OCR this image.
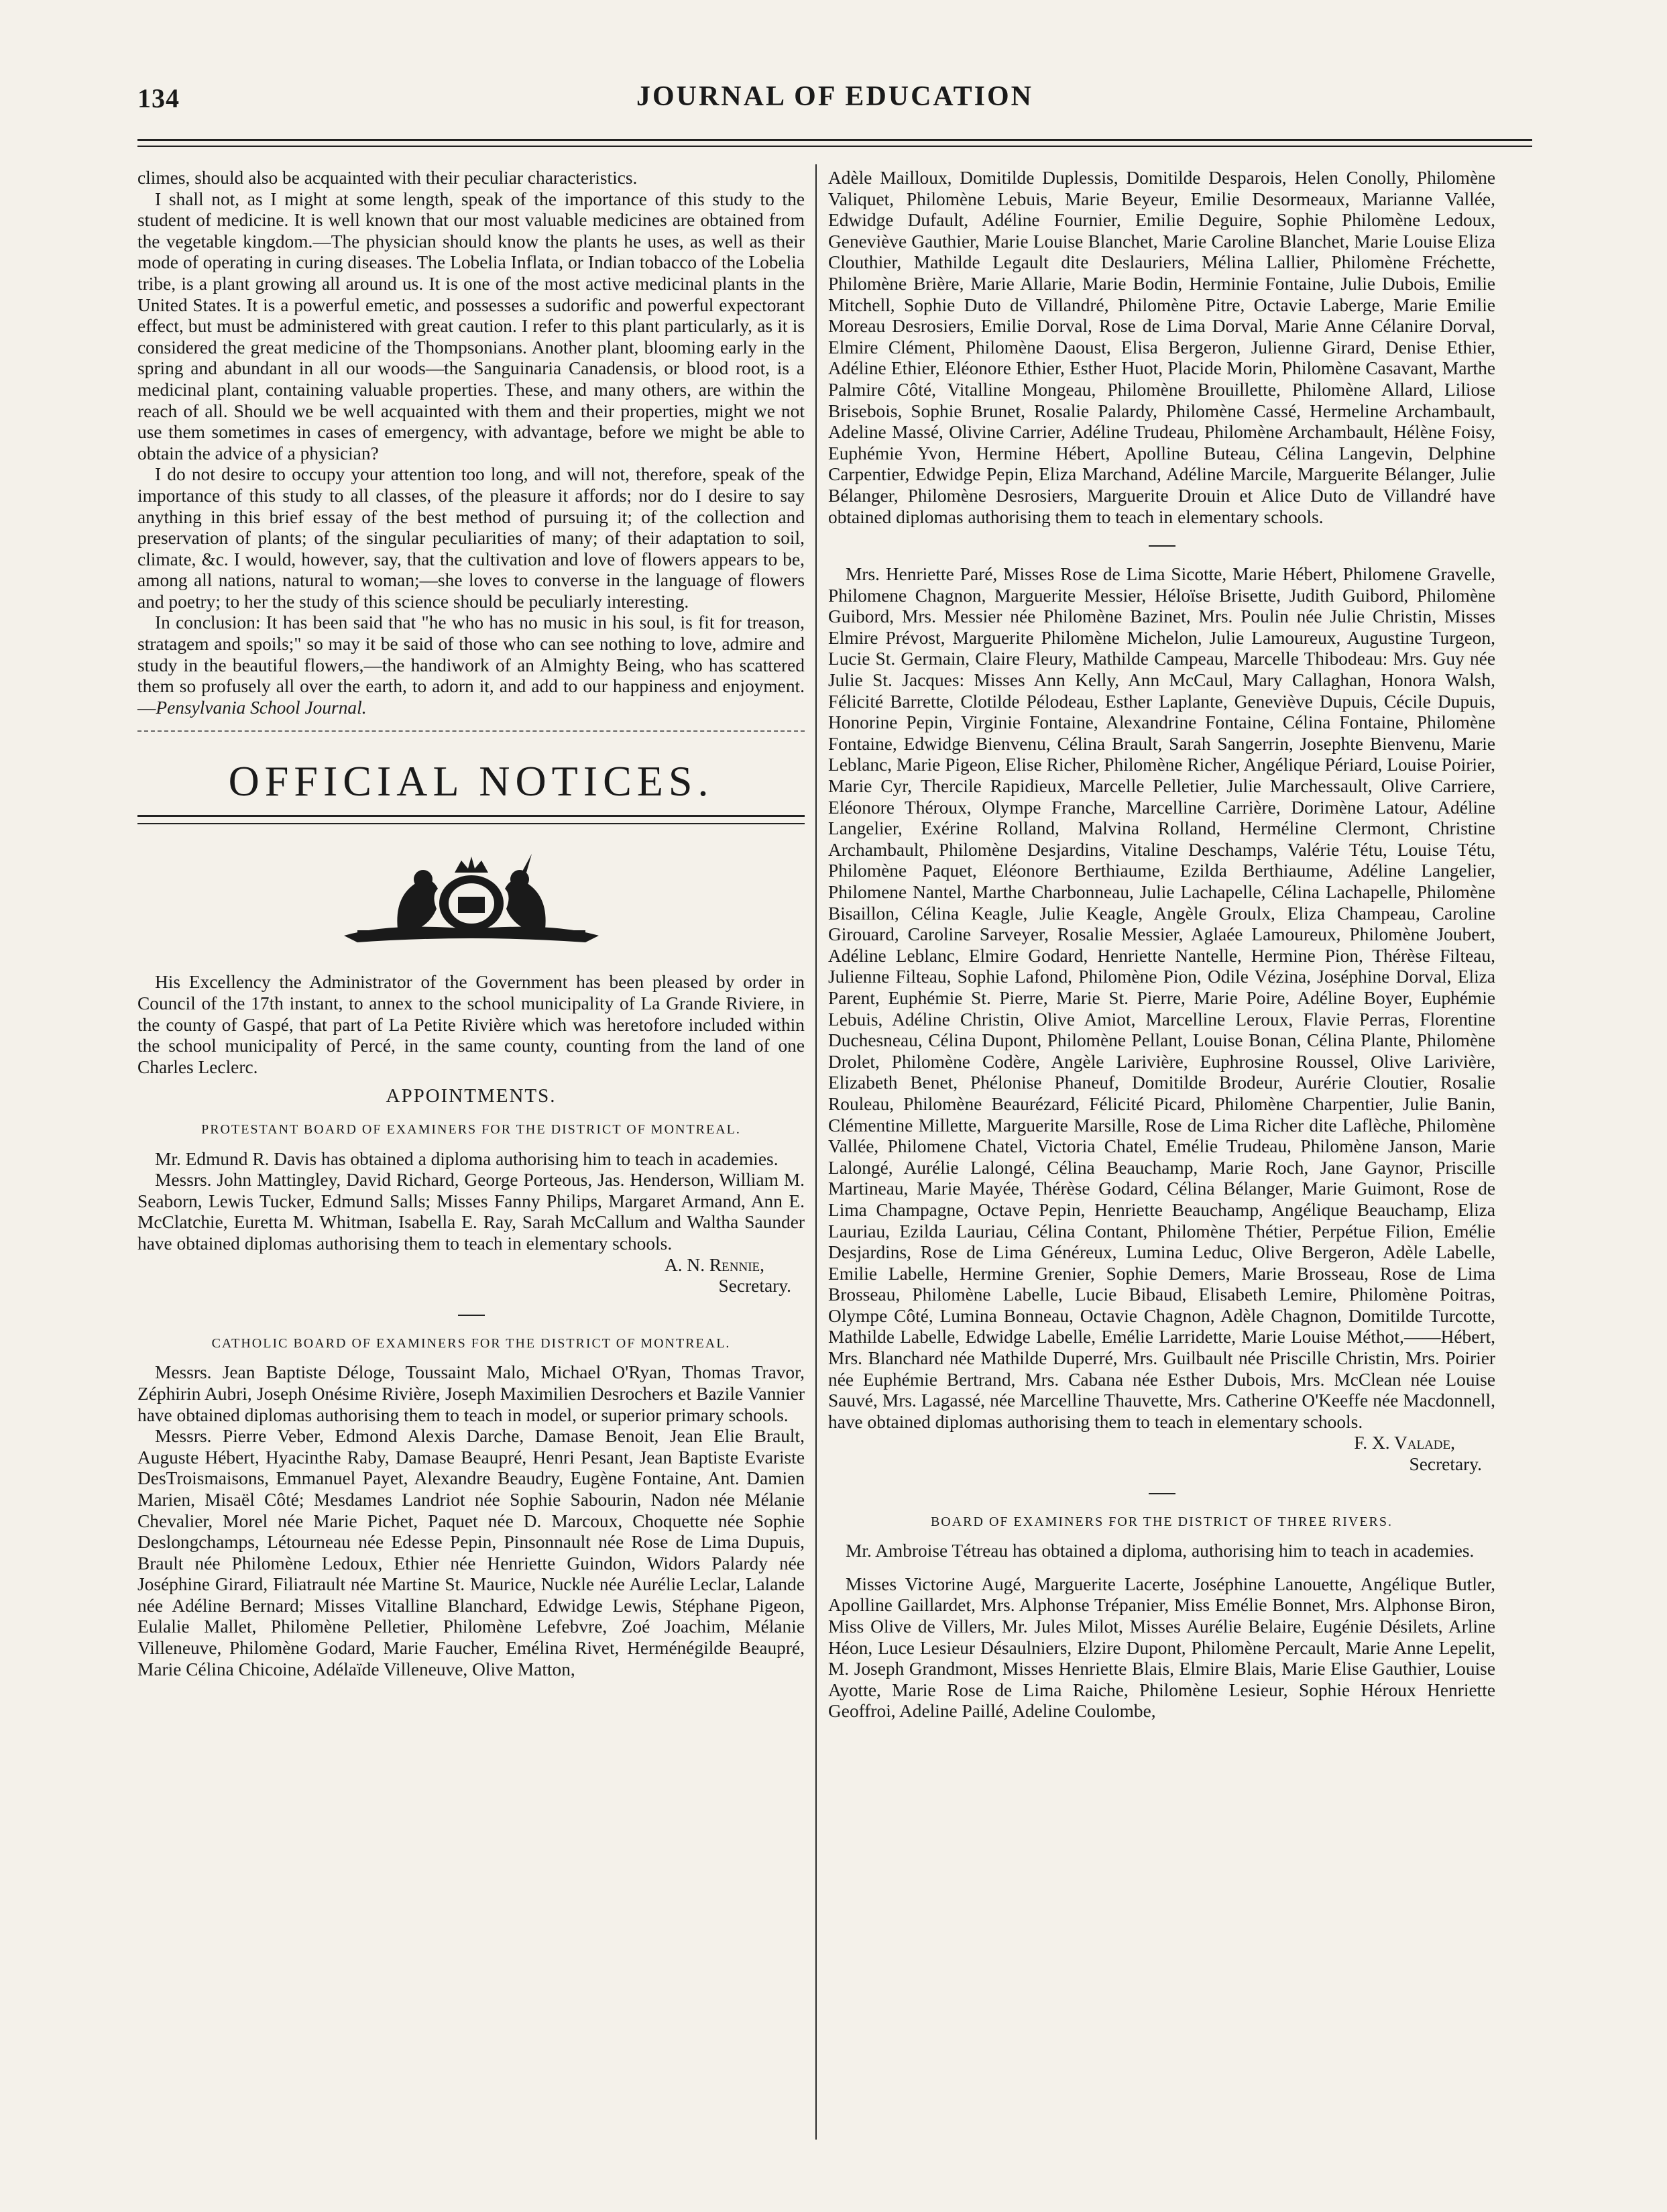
134	JOURNAL OF EDUCATION

climes, should also be acquainted with their peculiar characteristics.

I shall not, as I might at some length, speak of the importance of this study to the student of medicine. It is well known that our most valuable medicines are obtained from the vegetable kingdom.—The physician should know the plants he uses, as well as their mode of operating in curing diseases. The Lobelia Inflata, or Indian tobacco of the Lobelia tribe, is a plant growing all around us. It is one of the most active medicinal plants in the United States. It is a powerful emetic, and possesses a sudorific and powerful expectorant effect, but must be administered with great caution. I refer to this plant particularly, as it is considered the great medicine of the Thompsonians. Another plant, blooming early in the spring and abundant in all our woods—the Sanguinaria Canadensis, or blood root, is a medicinal plant, containing valuable properties. These, and many others, are within the reach of all. Should we be well acquainted with them and their properties, might we not use them sometimes in cases of emergency, with advantage, before we might be able to obtain the advice of a physician?

I do not desire to occupy your attention too long, and will not, therefore, speak of the importance of this study to all classes, of the pleasure it affords; nor do I desire to say anything in this brief essay of the best method of pursuing it; of the collection and preservation of plants; of the singular peculiarities of many; of their adaptation to soil, climate, &c. I would, however, say, that the cultivation and love of flowers appears to be, among all nations, natural to woman;—she loves to converse in the language of flowers and poetry; to her the study of this science should be peculiarly interesting.

In conclusion: It has been said that "he who has no music in his soul, is fit for treason, stratagem and spoils;" so may it be said of those who can see nothing to love, admire and study in the beautiful flowers,—the handiwork of an Almighty Being, who has scattered them so profusely all over the earth, to adorn it, and add to our happiness and enjoyment.—Pensylvania School Journal.

OFFICIAL NOTICES.

His Excellency the Administrator of the Government has been pleased by order in Council of the 17th instant, to annex to the school municipality of La Grande Riviere, in the county of Gaspé, that part of La Petite Rivière which was heretofore included within the school municipality of Percé, in the same county, counting from the land of one Charles Leclerc.

APPOINTMENTS.
PROTESTANT BOARD OF EXAMINERS FOR THE DISTRICT OF MONTREAL.

Mr. Edmund R. Davis has obtained a diploma authorising him to teach in academies.

Messrs. John Mattingley, David Richard, George Porteous, Jas. Henderson, William M. Seaborn, Lewis Tucker, Edmund Salls; Misses Fanny Philips, Margaret Armand, Ann E. McClatchie, Euretta M. Whitman, Isabella E. Ray, Sarah McCallum and Waltha Saunder have obtained diplomas authorising them to teach in elementary schools.

A. N. Rennie,

Secretary.

CATHOLIC BOARD OF EXAMINERS FOR THE DISTRICT OF MONTREAL.

Messrs. Jean Baptiste Déloge, Toussaint Malo, Michael O'Ryan, Thomas Travor, Zéphirin Aubri, Joseph Onésime Rivière, Joseph Maximilien Desrochers et Bazile Vannier have obtained diplomas authorising them to teach in model, or superior primary schools.

Messrs. Pierre Veber, Edmond Alexis Darche, Damase Benoit, Jean Elie Brault, Auguste Hébert, Hyacinthe Raby, Damase Beaupré, Henri Pesant, Jean Baptiste Evariste DesTroismaisons, Emmanuel Payet, Alexandre Beaudry, Eugène Fontaine, Ant. Damien Marien, Misaël Côté; Mesdames Landriot née Sophie Sabourin, Nadon née Mélanie Chevalier, Morel née Marie Pichet, Paquet née D. Marcoux, Choquette née Sophie Deslongchamps, Létourneau née Edesse Pepin, Pinsonnault née Rose de Lima Dupuis, Brault née Philomène Ledoux, Ethier née Henriette Guindon, Widors Palardy née Joséphine Girard, Filiatrault née Martine St. Maurice, Nuckle née Aurélie Leclar, Lalande née Adéline Bernard; Misses Vitalline Blanchard, Edwidge Lewis, Stéphane Pigeon, Eulalie Mallet, Philomène Pelletier, Philomène Lefebvre, Zoé Joachim, Mélanie Villeneuve, Philomène Godard, Marie Faucher, Emélina Rivet, Herménégilde Beaupré, Marie Célina Chicoine, Adélaïde Villeneuve, Olive Matton,

Adèle Mailloux, Domitilde Duplessis, Domitilde Desparois, Helen Conolly, Philomène Valiquet, Philomène Lebuis, Marie Beyeur, Emilie Desormeaux, Marianne Vallée, Edwidge Dufault, Adéline Fournier, Emilie Deguire, Sophie Philomène Ledoux, Geneviève Gauthier, Marie Louise Blanchet, Marie Caroline Blanchet, Marie Louise Eliza Clouthier, Mathilde Legault dite Deslauriers, Mélina Lallier, Philomène Fréchette, Philomène Brière, Marie Allarie, Marie Bodin, Herminie Fontaine, Julie Dubois, Emilie Mitchell, Sophie Duto de Villandré, Philomène Pitre, Octavie Laberge, Marie Emilie Moreau Desrosiers, Emilie Dorval, Rose de Lima Dorval, Marie Anne Célanire Dorval, Elmire Clément, Philomène Daoust, Elisa Bergeron, Julienne Girard, Denise Ethier, Adéline Ethier, Eléonore Ethier, Esther Huot, Placide Morin, Philomène Casavant, Marthe Palmire Côté, Vitalline Mongeau, Philomène Brouillette, Philomène Allard, Liliose Brisebois, Sophie Brunet, Rosalie Palardy, Philomène Cassé, Hermeline Archambault, Adeline Massé, Olivine Carrier, Adéline Trudeau, Philomène Archambault, Hélène Foisy, Euphémie Yvon, Hermine Hébert, Apolline Buteau, Célina Langevin, Delphine Carpentier, Edwidge Pepin, Eliza Marchand, Adéline Marcile, Marguerite Bélanger, Julie Bélanger, Philomène Desrosiers, Marguerite Drouin et Alice Duto de Villandré have obtained diplomas authorising them to teach in elementary schools.

Mrs. Henriette Paré, Misses Rose de Lima Sicotte, Marie Hébert, Philomene Gravelle, Philomene Chagnon, Marguerite Messier, Héloïse Brisette, Judith Guibord, Philomène Guibord, Mrs. Messier née Philomène Bazinet, Mrs. Poulin née Julie Christin, Misses Elmire Prévost, Marguerite Philomène Michelon, Julie Lamoureux, Augustine Turgeon, Lucie St. Germain, Claire Fleury, Mathilde Campeau, Marcelle Thibodeau: Mrs. Guy née Julie St. Jacques: Misses Ann Kelly, Ann McCaul, Mary Callaghan, Honora Walsh, Félicité Barrette, Clotilde Pélodeau, Esther Laplante, Geneviève Dupuis, Cécile Dupuis, Honorine Pepin, Virginie Fontaine, Alexandrine Fontaine, Célina Fontaine, Philomène Fontaine, Edwidge Bienvenu, Célina Brault, Sarah Sangerrin, Josephte Bienvenu, Marie Leblanc, Marie Pigeon, Elise Richer, Philomène Richer, Angélique Périard, Louise Poirier, Marie Cyr, Thercile Rapidieux, Marcelle Pelletier, Julie Marchessault, Olive Carriere, Eléonore Théroux, Olympe Franche, Marcelline Carrière, Dorimène Latour, Adéline Langelier, Exérine Rolland, Malvina Rolland, Herméline Clermont, Christine Archambault, Philomène Desjardins, Vitaline Deschamps, Valérie Tétu, Louise Tétu, Philomène Paquet, Eléonore Berthiaume, Ezilda Berthiaume, Adéline Langelier, Philomene Nantel, Marthe Charbonneau, Julie Lachapelle, Célina Lachapelle, Philomène Bisaillon, Célina Keagle, Julie Keagle, Angèle Groulx, Eliza Champeau, Caroline Girouard, Caroline Sarveyer, Rosalie Messier, Aglaée Lamoureux, Philomène Joubert, Adéline Leblanc, Elmire Godard, Henriette Nantelle, Hermine Pion, Thérèse Filteau, Julienne Filteau, Sophie Lafond, Philomène Pion, Odile Vézina, Joséphine Dorval, Eliza Parent, Euphémie St. Pierre, Marie St. Pierre, Marie Poire, Adéline Boyer, Euphémie Lebuis, Adéline Christin, Olive Amiot, Marcelline Leroux, Flavie Perras, Florentine Duchesneau, Célina Dupont, Philomène Pellant, Louise Bonan, Célina Plante, Philomène Drolet, Philomène Codère, Angèle Larivière, Euphrosine Roussel, Olive Larivière, Elizabeth Benet, Phélonise Phaneuf, Domitilde Brodeur, Aurérie Cloutier, Rosalie Rouleau, Philomène Beaurézard, Félicité Picard, Philomène Charpentier, Julie Banin, Clémentine Millette, Marguerite Marsille, Rose de Lima Richer dite Laflèche, Philomène Vallée, Philomene Chatel, Victoria Chatel, Emélie Trudeau, Philomène Janson, Marie Lalongé, Aurélie Lalongé, Célina Beauchamp, Marie Roch, Jane Gaynor, Priscille Martineau, Marie Mayée, Thérèse Godard, Célina Bélanger, Marie Guimont, Rose de Lima Champagne, Octave Pepin, Henriette Beauchamp, Angélique Beauchamp, Eliza Lauriau, Ezilda Lauriau, Célina Contant, Philomène Thétier, Perpétue Filion, Emélie Desjardins, Rose de Lima Généreux, Lumina Leduc, Olive Bergeron, Adèle Labelle, Emilie Labelle, Hermine Grenier, Sophie Demers, Marie Brosseau, Rose de Lima Brosseau, Philomène Labelle, Lucie Bibaud, Elisabeth Lemire, Philomène Poitras, Olympe Côté, Lumina Bonneau, Octavie Chagnon, Adèle Chagnon, Domitilde Turcotte, Mathilde Labelle, Edwidge Labelle, Emélie Larridette, Marie Louise Méthot,——Hébert, Mrs. Blanchard née Mathilde Duperré, Mrs. Guilbault née Priscille Christin, Mrs. Poirier née Euphémie Bertrand, Mrs. Cabana née Esther Dubois, Mrs. McClean née Louise Sauvé, Mrs. Lagassé, née Marcelline Thauvette, Mrs. Catherine O'Keeffe née Macdonnell, have obtained diplomas authorising them to teach in elementary schools.

F. X. Valade,

Secretary.

BOARD OF EXAMINERS FOR THE DISTRICT OF THREE RIVERS.

Mr. Ambroise Tétreau has obtained a diploma, authorising him to teach in academies.

Misses Victorine Augé, Marguerite Lacerte, Joséphine Lanouette, Angélique Butler, Apolline Gaillardet, Mrs. Alphonse Trépanier, Miss Emélie Bonnet, Mrs. Alphonse Biron, Miss Olive de Villers, Mr. Jules Milot, Misses Aurélie Belaire, Eugénie Désilets, Arline Héon, Luce Lesieur Désaulniers, Elzire Dupont, Philomène Percault, Marie Anne Lepelit, M. Joseph Grandmont, Misses Henriette Blais, Elmire Blais, Marie Elise Gauthier, Louise Ayotte, Marie Rose de Lima Raiche, Philomène Lesieur, Sophie Héroux Henriette Geoffroi, Adeline Paillé, Adeline Coulombe,
